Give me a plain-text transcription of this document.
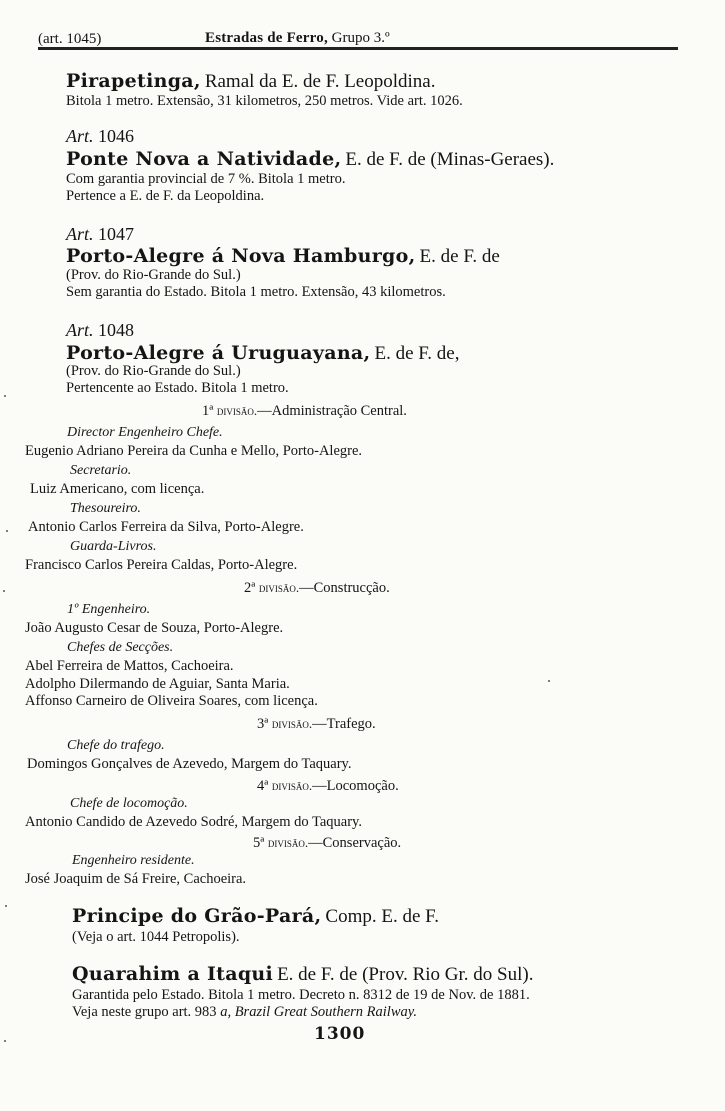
(art. 1045)	Estradas de Ferro, Grupo 3.º
Pirapetinga, Ramal da E. de F. Leopoldina.
Bitola 1 metro. Extensão, 31 kilometros, 250 metros. Vide art. 1026.
Art. 1046
Ponte Nova a Natividade, E. de F. de (Minas-Geraes).
Com garantia provincial de 7 %. Bitola 1 metro.
Pertence a E. de F. da Leopoldina.
Art. 1047
Porto-Alegre á Nova Hamburgo, E. de F. de
(Prov. do Rio-Grande do Sul.)
Sem garantia do Estado. Bitola 1 metro. Extensão, 43 kilometros.
Art. 1048
Porto-Alegre á Uruguayana, E. de F. de,
(Prov. do Rio-Grande do Sul.)
Pertencente ao Estado. Bitola 1 metro.
1ª divisão.—Administração Central.
Director Engenheiro Chefe.
Eugenio Adriano Pereira da Cunha e Mello, Porto-Alegre.
Secretario.
Luiz Americano, com licença.
Thesoureiro.
Antonio Carlos Ferreira da Silva, Porto-Alegre.
Guarda-Livros.
Francisco Carlos Pereira Caldas, Porto-Alegre.
2ª divisão.—Construcção.
1º Engenheiro.
João Augusto Cesar de Souza, Porto-Alegre.
Chefes de Secções.
Abel Ferreira de Mattos, Cachoeira.
Adolpho Dilermando de Aguiar, Santa Maria.
Affonso Carneiro de Oliveira Soares, com licença.
3ª divisão.—Trafego.
Chefe do trafego.
Domingos Gonçalves de Azevedo, Margem do Taquary.
4ª divisão.—Locomoção.
Chefe de locomoção.
Antonio Candido de Azevedo Sodré, Margem do Taquary.
5ª divisão.—Conservação.
Engenheiro residente.
José Joaquim de Sá Freire, Cachoeira.
Principe do Grão-Pará, Comp. E. de F.
(Veja o art. 1044 Petropolis).
Quarahim a Itaqui E. de F. de (Prov. Rio Gr. do Sul).
Garantida pelo Estado. Bitola 1 metro. Decreto n. 8312 de 19 de Nov. de 1881.
Veja neste grupo art. 983 a, Brazil Great Southern Railway.
1300
